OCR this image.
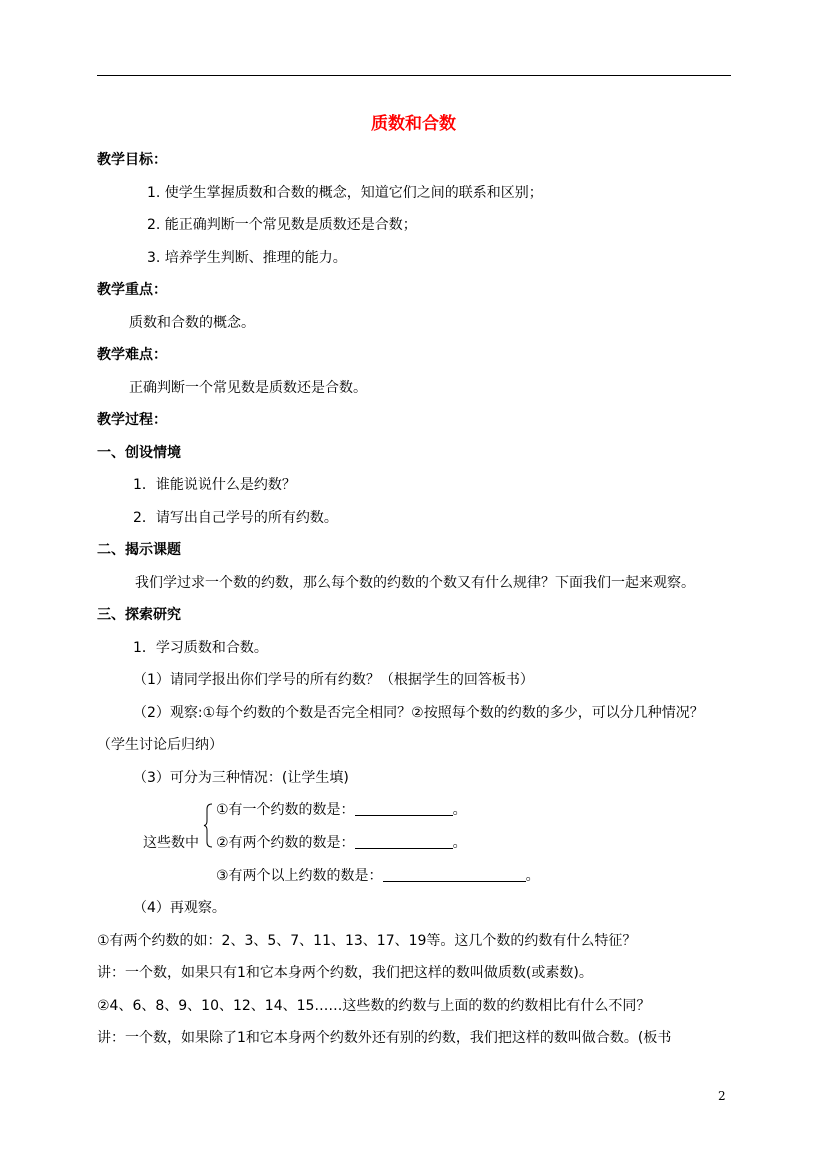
质数和合数
教学目标：
1. 使学生掌握质数和合数的概念，知道它们之间的联系和区别；
2. 能正确判断一个常见数是质数还是合数；
3. 培养学生判断、推理的能力。
教学重点：
质数和合数的概念。
教学难点：
正确判断一个常见数是质数还是合数。
教学过程：
一、创设情境
1．谁能说说什么是约数？
2．请写出自己学号的所有约数。
二、揭示课题
我们学过求一个数的约数，那么每个数的约数的个数又有什么规律？下面我们一起来观察。
三、探索研究
1．学习质数和合数。
（1）请同学报出你们学号的所有约数？（根据学生的回答板书）
（2）观察:①每个约数的个数是否完全相同？②按照每个数的约数的多少，可以分几种情况？
（学生讨论后归纳）
（3）可分为三种情况：(让学生填)
这些数中
①有一个约数的数是：	。
②有两个约数的数是：	。
③有两个以上约数的数是：	。
（4）再观察。
①有两个约数的如：2、3、5、7、11、13、17、19等。这几个数的约数有什么特征？
讲：一个数，如果只有1和它本身两个约数，我们把这样的数叫做质数(或素数)。
②4、6、8、9、10、12、14、15……这些数的约数与上面的数的约数相比有什么不同？
讲：一个数，如果除了1和它本身两个约数外还有别的约数，我们把这样的数叫做合数。(板书
2
